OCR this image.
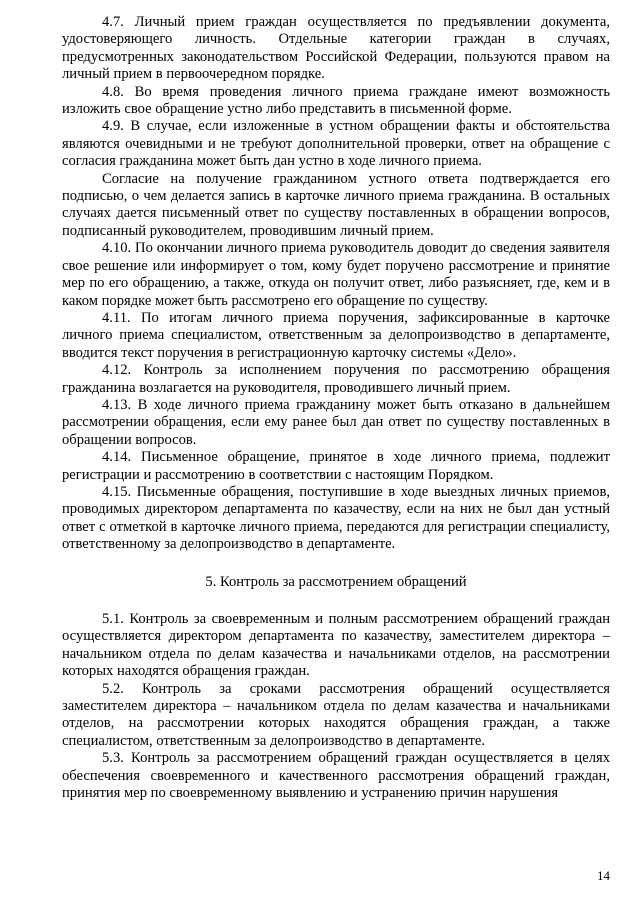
4.7. Личный прием граждан осуществляется по предъявлении документа, удостоверяющего личность. Отдельные категории граждан в случаях, предусмотренных законодательством Российской Федерации, пользуются правом на личный прием в первоочередном порядке.

4.8. Во время проведения личного приема граждане имеют возможность изложить свое обращение устно либо представить в письменной форме.

4.9. В случае, если изложенные в устном обращении факты и обстоятельства являются очевидными и не требуют дополнительной проверки, ответ на обращение с согласия гражданина может быть дан устно в ходе личного приема.

Согласие на получение гражданином устного ответа подтверждается его подписью, о чем делается запись в карточке личного приема гражданина. В остальных случаях дается письменный ответ по существу поставленных в обращении вопросов, подписанный руководителем, проводившим личный прием.

4.10. По окончании личного приема руководитель доводит до сведения заявителя свое решение или информирует о том, кому будет поручено рассмотрение и принятие мер по его обращению, а также, откуда он получит ответ, либо разъясняет, где, кем и в каком порядке может быть рассмотрено его обращение по существу.

4.11. По итогам личного приема поручения, зафиксированные в карточке личного приема специалистом, ответственным за делопроизводство в департаменте, вводится текст поручения в регистрационную карточку системы «Дело».

4.12. Контроль за исполнением поручения по рассмотрению обращения гражданина возлагается на руководителя, проводившего личный прием.

4.13. В ходе личного приема гражданину может быть отказано в дальнейшем рассмотрении обращения, если ему ранее был дан ответ по существу поставленных в обращении вопросов.

4.14. Письменное обращение, принятое в ходе личного приема, подлежит регистрации и рассмотрению в соответствии с настоящим Порядком.

4.15. Письменные обращения, поступившие в ходе выездных личных приемов, проводимых директором департамента по казачеству, если на них не был дан устный ответ с отметкой в карточке личного приема, передаются для регистрации специалисту, ответственному за делопроизводство в департаменте.

5. Контроль за рассмотрением обращений

5.1. Контроль за своевременным и полным рассмотрением обращений граждан осуществляется директором департамента по казачеству, заместителем директора – начальником отдела по делам казачества и начальниками отделов, на рассмотрении которых находятся обращения граждан.

5.2. Контроль за сроками рассмотрения обращений осуществляется заместителем директора – начальником отдела по делам казачества и начальниками отделов, на рассмотрении которых находятся обращения граждан, а также специалистом, ответственным за делопроизводство в департаменте.

5.3. Контроль за рассмотрением обращений граждан осуществляется в целях обеспечения своевременного и качественного рассмотрения обращений граждан, принятия мер по своевременному выявлению и устранению причин нарушения

14
